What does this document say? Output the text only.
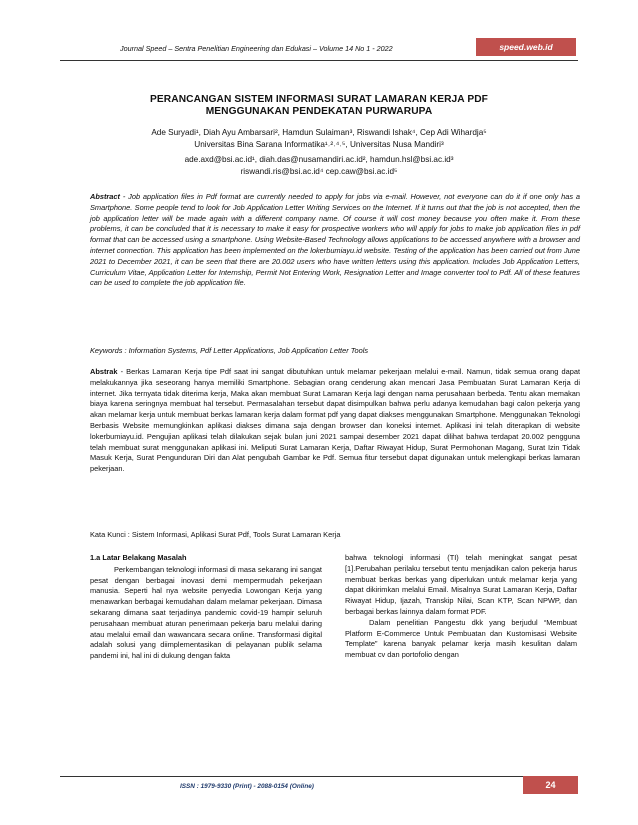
Journal Speed – Sentra Penelitian Engineering dan Edukasi – Volume 14 No 1 - 2022	speed.web.id
PERANCANGAN SISTEM INFORMASI SURAT LAMARAN KERJA PDF
MENGGUNAKAN PENDEKATAN PURWARUPA
Ade Suryadi¹, Diah Ayu Ambarsari², Hamdun Sulaiman³, Riswandi Ishak⁴, Cep Adi Wihardja⁵
Universitas Bina Sarana Informatika¹˒²˒⁴˒⁵, Universitas Nusa Mandiri³
ade.axd@bsi.ac.id¹, diah.das@nusamandiri.ac.id², hamdun.hsl@bsi.ac.id³
riswandi.ris@bsi.ac.id⁴ cep.caw@bsi.ac.id⁵
Abstract - Job application files in Pdf format are currently needed to apply for jobs via e-mail. However, not everyone can do it if one only has a Smartphone. Some people tend to look for Job Application Letter Writing Services on the Internet. If it turns out that the job is not accepted, then the job application letter will be made again with a different company name. Of course it will cost money because you often make it. From these problems, it can be concluded that it is necessary to make it easy for prospective workers who will apply for jobs to make job application files in pdf format that can be accessed using a smartphone. Using Website-Based Technology allows applications to be accessed anywhere with a browser and internet connection. This application has been implemented on the lokerbumiayu.id website. Testing of the application has been carried out from June 2021 to December 2021, it can be seen that there are 20.002 users who have written letters using this application. Includes Job Application Letters, Curriculum Vitae, Application Letter for Internship, Permit Not Entering Work, Resignation Letter and Image converter tool to Pdf. All of these features can be used to complete the job application file.
Keywords : Information Systems, Pdf Letter Applications, Job Application Letter Tools
Abstrak - Berkas Lamaran Kerja tipe Pdf saat ini sangat dibutuhkan untuk melamar pekerjaan melalui e-mail. Namun, tidak semua orang dapat melakukannya jika seseorang hanya memiliki Smartphone. Sebagian orang cenderung akan mencari Jasa Pembuatan Surat Lamaran Kerja di internet. Jika ternyata tidak diterima kerja, Maka akan membuat Surat Lamaran Kerja lagi dengan nama perusahaan berbeda. Tentu akan memakan biaya karena seringnya membuat hal tersebut. Permasalahan tersebut dapat disimpulkan bahwa perlu adanya kemudahan bagi calon pekerja yang akan melamar kerja untuk membuat berkas lamaran kerja dalam format pdf yang dapat diakses menggunakan Smartphone. Menggunakan Teknologi Berbasis Website memungkinkan aplikasi diakses dimana saja dengan browser dan koneksi internet. Aplikasi ini telah diterapkan di website lokerbumiayu.id. Pengujian aplikasi telah dilakukan sejak bulan juni 2021 sampai desember 2021 dapat dilihat bahwa terdapat 20.002 pengguna telah membuat surat menggunakan aplikasi ini. Meliputi Surat Lamaran Kerja, Daftar Riwayat Hidup, Surat Permohonan Magang, Surat Izin Tidak Masuk Kerja, Surat Pengunduran Diri dan Alat pengubah Gambar ke Pdf. Semua fitur tersebut dapat digunakan untuk melengkapi berkas lamaran pekerjaan.
Kata Kunci : Sistem Informasi, Aplikasi Surat Pdf, Tools Surat Lamaran Kerja
1.a Latar Belakang Masalah

Perkembangan teknologi informasi di masa sekarang ini sangat pesat dengan berbagai inovasi demi mempermudah pekerjaan manusia. Seperti hal nya website penyedia Lowongan Kerja yang menawarkan berbagai kemudahan dalam melamar pekerjaan. Dimasa sekarang dimana saat terjadinya pandemic covid-19 hampir seluruh perusahaan membuat aturan penerimaan pekerja baru melalui daring atau melalui email dan wawancara secara online. Transformasi digital adalah solusi yang diimplementasikan di pelayanan publik selama pandemi ini, hal ini di dukung dengan fakta

bahwa teknologi informasi (TI) telah meningkat sangat pesat [1].Perubahan perilaku tersebut tentu menjadikan calon pekerja harus membuat berkas berkas yang diperlukan untuk melamar kerja yang dapat dikirimkan melalui Email. Misalnya Surat Lamaran Kerja, Daftar Riwayat Hidup, Ijazah, Transkip Nilai, Scan KTP, Scan NPWP, dan berbagai berkas lainnya dalam format PDF.

Dalam penelitian Pangestu dkk yang berjudul “Membuat Platform E-Commerce Untuk Pembuatan dan Kustomisasi Website Template” karena banyak pelamar kerja masih kesulitan dalam membuat cv dan portofolio dengan

ISSN : 1979-9330 (Print) - 2088-0154 (Online)	24
